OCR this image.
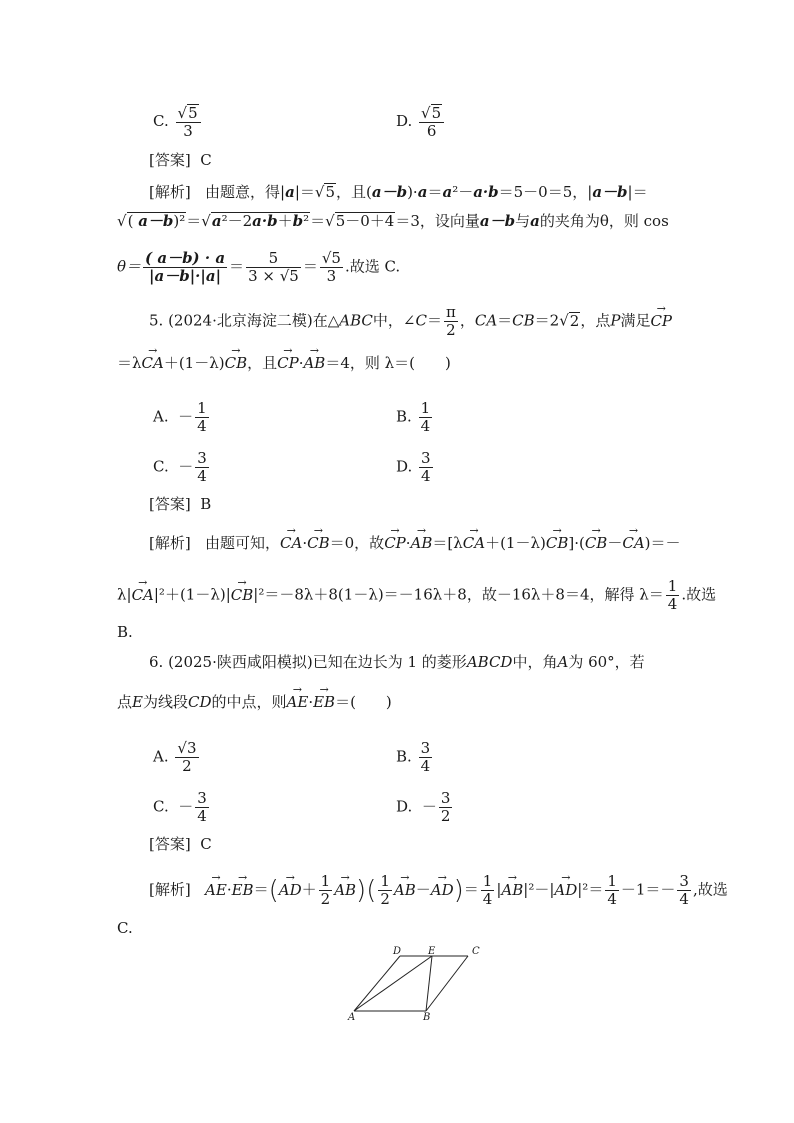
C. $\frac{√5}{3}$	D. $\frac{√5}{6}$
[答案] C
[解析] 由题意，得|a|＝√5，且(a－b)·a＝a²－a·b＝5－0＝5，|a－b|＝
√( a－b)²＝√a²－2a·b＋b²＝√5－0＋4＝3，设向量a－b与a的夹角为θ，则 cos
$\theta= \frac{( a-b) \cdot a}{|a-b|\cdot|a|} = \frac{5}{3 \times √5} = \frac{√5}{3}$ .故选 C.
5. (2024·北京海淀二模)在△ABC中，∠C＝ $\frac{\pi}{2}$ ，CA＝CB＝2√2，点P满足→ CP
＝λ→ CA＋(1－λ)→ CB，且→ CP·→ AB＝4，则 λ＝(　　)
A. － $\frac{1}{4}$	B. $\frac{1}{4}$
C. － $\frac{3}{4}$	D. $\frac{3}{4}$
[答案] B
[解析] 由题可知，→ CA·→ CB＝0，故→ CP·→ AB＝[λ→ CA＋(1－λ)→ CB]·(→ CB－→ CA)＝－
λ|→ CA|²＋(1－λ)|→ CB|²＝－8λ＋8(1－λ)＝－16λ＋8，故－16λ＋8＝4，解得 $\lambda= \frac{1}{4}$ .故选
B.
6. (2025·陕西咸阳模拟)已知在边长为 1 的菱形ABCD中，角A为 60°，若
点E为线段CD的中点，则→ AE·→ EB＝(　　)
A. $\frac{√3}{2}$	B. $\frac{3}{4}$
C. － $\frac{3}{4}$	D. － $\frac{3}{2}$
[答案] C
[解析]   → $AE\cdot\to EB=(\to AD+ \frac{1}{2}$
→ $AB)( \frac{1}{2}$
→ $AB-\to AD)= \frac{1}{4}$ |→ $AB|^2-|\to AD|^2= \frac{1}{4} -1=- \frac{3}{4}$ ,故选
C.
D	E	C
A	B
